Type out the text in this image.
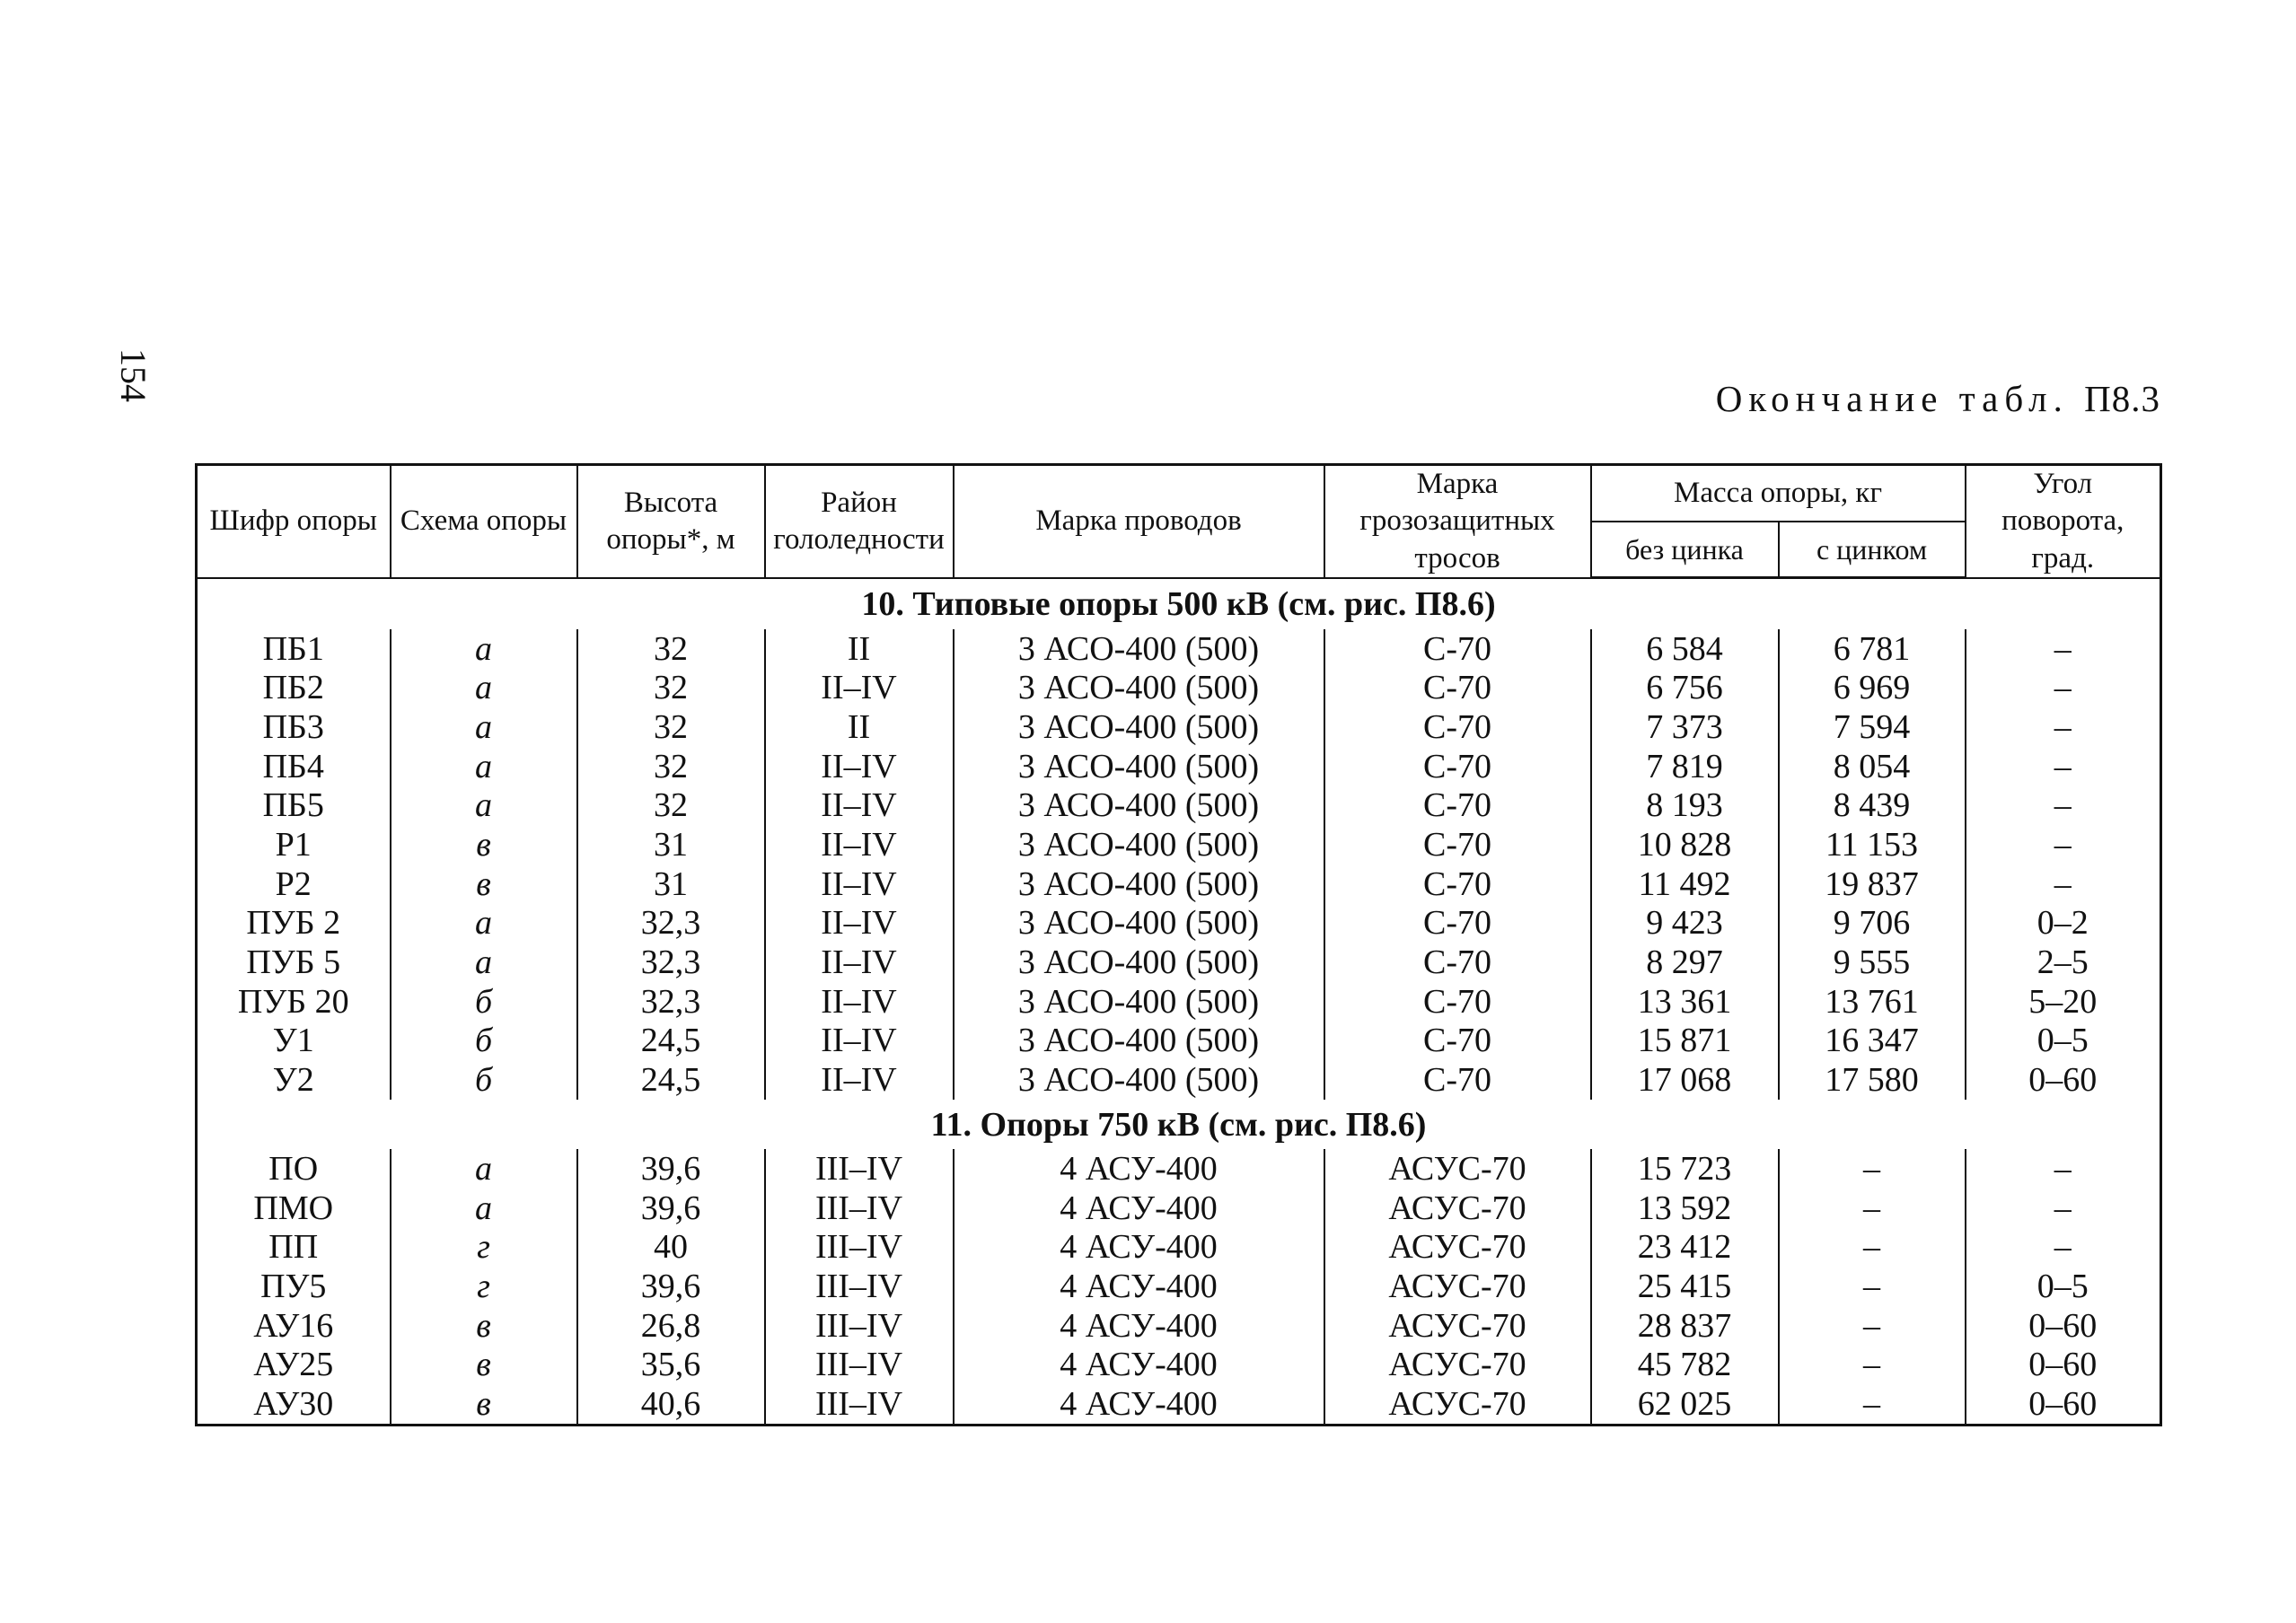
154	Окончание табл. П8.3
Шифр опоры	Схема опоры	Высота опоры*, м	Район гололедности	Марка проводов	Марка грозозащитных тросов	Масса опоры, кг		Угол поворота, град.
						без цинка	с цинком	
10. Типовые опоры 500 кВ (см. рис. П8.6)								
ПБ1	а	32	II	3 АСО-400 (500)	С-70	6 584	6 781	–
ПБ2	а	32	II–IV	3 АСО-400 (500)	С-70	6 756	6 969	–
ПБ3	а	32	II	3 АСО-400 (500)	С-70	7 373	7 594	–
ПБ4	а	32	II–IV	3 АСО-400 (500)	С-70	7 819	8 054	–
ПБ5	а	32	II–IV	3 АСО-400 (500)	С-70	8 193	8 439	–
Р1	в	31	II–IV	3 АСО-400 (500)	С-70	10 828	11 153	–
Р2	в	31	II–IV	3 АСО-400 (500)	С-70	11 492	19 837	–
ПУБ 2	а	32,3	II–IV	3 АСО-400 (500)	С-70	9 423	9 706	0–2
ПУБ 5	а	32,3	II–IV	3 АСО-400 (500)	С-70	8 297	9 555	2–5
ПУБ 20	б	32,3	II–IV	3 АСО-400 (500)	С-70	13 361	13 761	5–20
У1	б	24,5	II–IV	3 АСО-400 (500)	С-70	15 871	16 347	0–5
У2	б	24,5	II–IV	3 АСО-400 (500)	С-70	17 068	17 580	0–60
11. Опоры 750 кВ (см. рис. П8.6)								
ПО	а	39,6	III–IV	4 АСУ-400	АСУС-70	15 723	–	–
ПМО	а	39,6	III–IV	4 АСУ-400	АСУС-70	13 592	–	–
ПП	г	40	III–IV	4 АСУ-400	АСУС-70	23 412	–	–
ПУ5	г	39,6	III–IV	4 АСУ-400	АСУС-70	25 415	–	0–5
АУ16	в	26,8	III–IV	4 АСУ-400	АСУС-70	28 837	–	0–60
АУ25	в	35,6	III–IV	4 АСУ-400	АСУС-70	45 782	–	0–60
АУ30	в	40,6	III–IV	4 АСУ-400	АСУС-70	62 025	–	0–60
